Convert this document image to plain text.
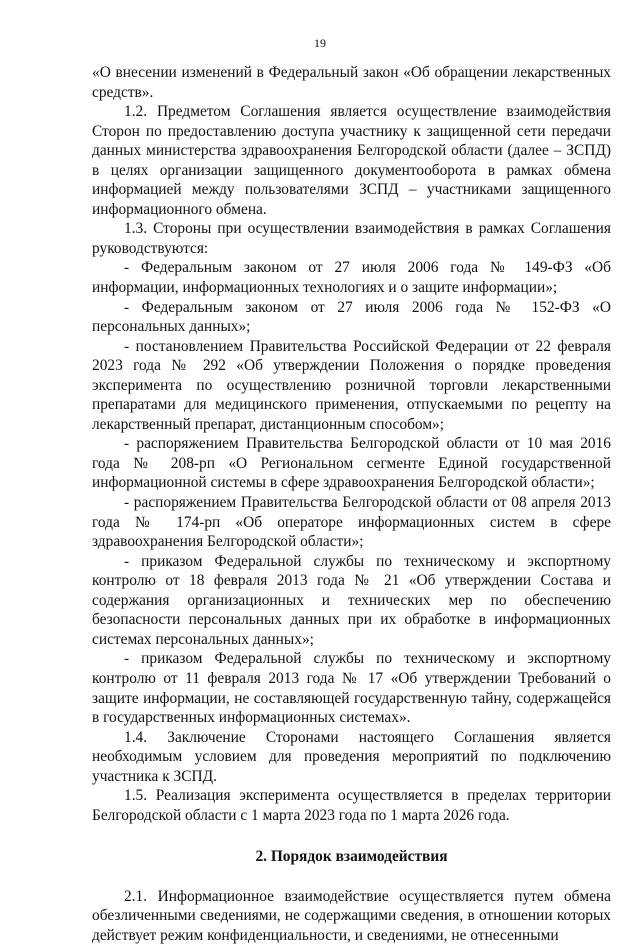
19

«О внесении изменений в Федеральный закон «Об обращении лекарственных средств».

1.2. Предметом Соглашения является осуществление взаимодействия Сторон по предоставлению доступа участнику к защищенной сети передачи данных министерства здравоохранения Белгородской области (далее – ЗСПД) в целях организации защищенного документооборота в рамках обмена информацией между пользователями ЗСПД – участниками защищенного информационного обмена.

1.3. Стороны при осуществлении взаимодействия в рамках Соглашения руководствуются:

- Федеральным законом от 27 июля 2006 года № 149-ФЗ «Об информации, информационных технологиях и о защите информации»;

- Федеральным законом от 27 июля 2006 года № 152-ФЗ «О персональных данных»;

- постановлением Правительства Российской Федерации от 22 февраля 2023 года № 292 «Об утверждении Положения о порядке проведения эксперимента по осуществлению розничной торговли лекарственными препаратами для медицинского применения, отпускаемыми по рецепту на лекарственный препарат, дистанционным способом»;

- распоряжением Правительства Белгородской области от 10 мая 2016 года № 208-рп «О Региональном сегменте Единой государственной информационной системы в сфере здравоохранения Белгородской области»;

- распоряжением Правительства Белгородской области от 08 апреля 2013 года № 174-рп «Об операторе информационных систем в сфере здравоохранения Белгородской области»;

- приказом Федеральной службы по техническому и экспортному контролю от 18 февраля 2013 года № 21 «Об утверждении Состава и содержания организационных и технических мер по обеспечению безопасности персональных данных при их обработке в информационных системах персональных данных»;

- приказом Федеральной службы по техническому и экспортному контролю от 11 февраля 2013 года № 17 «Об утверждении Требований о защите информации, не составляющей государственную тайну, содержащейся в государственных информационных системах».

1.4. Заключение Сторонами настоящего Соглашения является необходимым условием для проведения мероприятий по подключению участника к ЗСПД.

1.5. Реализация эксперимента осуществляется в пределах территории Белгородской области с 1 марта 2023 года по 1 марта 2026 года.

2. Порядок взаимодействия

2.1. Информационное взаимодействие осуществляется путем обмена обезличенными сведениями, не содержащими сведения, в отношении которых действует режим конфиденциальности, и сведениями, не отнесенными
